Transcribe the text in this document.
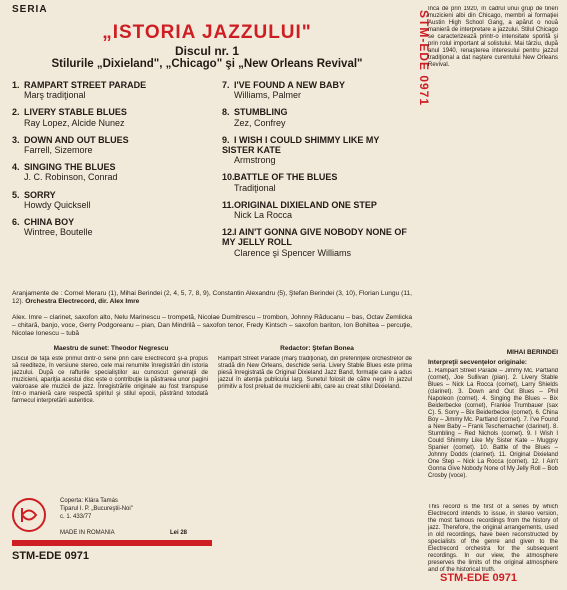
SERIA
„ISTORIA JAZZULUI"
Discul nr. 1
Stilurile „Dixieland", „Chicago" şi „New Orleans Revival"	STM-EDE 0971
1. RAMPART STREET PARADE
Marş tradiţional
2. LIVERY STABLE BLUES
Ray Lopez, Alcide Nunez
3. DOWN AND OUT BLUES
Farrell, Sizemore
4. SINGING THE BLUES
J. C. Robinson, Conrad
5. SORRY
Howdy Quicksell
6. CHINA BOY
Wintree, Boutelle
7. I'VE FOUND A NEW BABY
Williams, Palmer
8. STUMBLING
Zez, Confrey
9. I WISH I COULD SHIMMY LIKE MY SISTER KATE
Armstrong
10.BATTLE OF THE BLUES
Tradiţional
11.ORIGINAL DIXIELAND ONE STEP
Nick La Rocca
12.I AIN'T GONNA GIVE NOBODY NONE OF MY JELLY ROLL
Clarence şi Spencer Williams
Aranjamente de : Cornel Meraru (1), Mihai Berindei (2, 4, 5, 7, 8, 9), Constantin Alexandru (5), Ştefan Berindei (3, 10), Florian Lungu (11, 12). Orchestra Electrecord, dir. Alex Imre
Alex. Imre – clarinet, saxofon alto, Nelu Marinescu – trompetă, Nicolae Dumitrescu – trombon, Johnny Răducanu – bas, Octav Zemlicka – chitară, banjo, voce, Gerry Podgoreanu – pian, Dan Mindrilă – saxofon tenor, Fredy Kintsch – saxofon bariton, Ion Bohiltea – percuţie, Nicolae Ionescu – tubă
Maestru de sunet: Theodor Negrescu	Redactor: Ştefan Bonea
Discul de faţă este primul dintr-o serie prin care Electrecord şi-a propus să reediteze, în versiune stereo, cele mai renumite înregistrări din istoria jazzului. După ce rafturile specialiştilor au cunoscut generaţii de muzicieni, apariţia acestui disc este o contribuţie la păstrarea unor pagini valoroase ale muzicii de jazz. Înregistrările originale au fost transpuse într-o manieră care respectă spiritul şi stilul epocii, păstrând totodată farmecul interpretării autentice.
Rampart Street Parade (marş tradiţional), din preferinţele orchestrelor de stradă din New Orleans, deschide seria. Livery Stable Blues este prima piesă înregistrată de Original Dixieland Jazz Band, formaţie care a adus jazzul în atenţia publicului larg. Sunetul folosit de către negri în jazzul primitiv a fost preluat de muzicienii albi, care au creat stilul Dixieland.
Încă de prin 1920, în cadrul unui grup de tineri muzicieni albi din Chicago, membri ai formaţiei Austin High School Gang, a apărut o nouă manieră de interpretare a jazzului. Stilul Chicago se caracterizează printr-o intensitate sporită şi prin rolul important al solistului. Mai târziu, după anul 1940, renaşterea interesului pentru jazzul tradiţional a dat naştere curentului New Orleans Revival.
MIHAI BERINDEI
Interpreţii secvenţelor originale:
1. Rampart Street Parade – Jimmy Mc. Partland (cornet), Joe Sullivan (pian). 2. Livery Stable Blues – Nick La Rocca (cornet), Larry Shields (clarinet). 3. Down and Out Blues – Phil Napoleon (cornet). 4. Singing the Blues – Bix Beiderbecke (cornet), Frankie Trumbauer (sax C). 5. Sorry – Bix Beiderbecke (cornet). 6. China Boy – Jimmy Mc. Partland (cornet). 7. I've Found a New Baby – Frank Teschemacher (clarinet). 8. Stumbling – Red Nichols (cornet). 9. I Wish I Could Shimmy Like My Sister Kate – Muggsy Spanier (cornet). 10. Battle of the Blues – Johnny Dodds (clarinet). 11. Original Dixieland One Step – Nick La Rocca (cornet). 12. I Ain't Gonna Give Nobody None of My Jelly Roll – Bob Crosby (voce).
This record is the first of a series by which Electrecord intends to issue, in stereo version, the most famous recordings from the history of jazz. Therefore, the original arrangements, used in old recordings, have been reconstructed by specialists of the genre and given to the Electrecord orchestra for the subsequent recordings. In our view, the atmosphere preserves the limits of the original atmosphere and of the historical truth.
Coperta: Klára Tamás
Tiparul I. P. „Bucureştii-Noi"
c. 1. 433/77
MADE IN ROMANIA	Lei 28
STM-EDE 0971
STM-EDE 0971
